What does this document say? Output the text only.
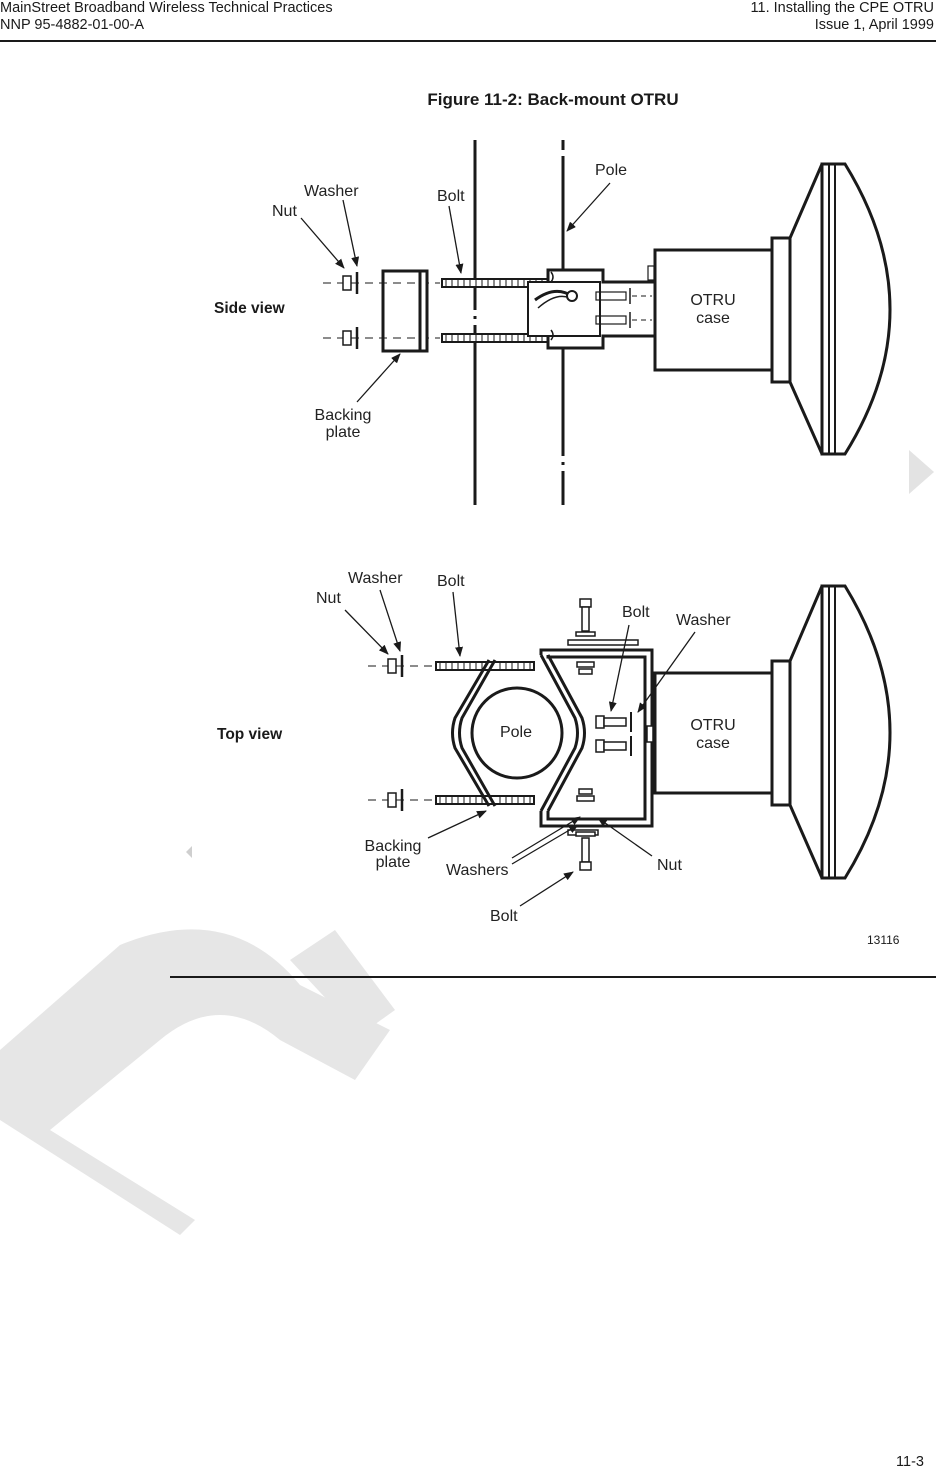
MainStreet Broadband Wireless Technical Practices
NNP 95-4882-01-00-A
11. Installing the CPE OTRU
Issue 1, April 1999
Figure 11-2: Back-mount OTRU
Washer
Nut
Bolt
Pole
Backing
plate
OTRU
case
Washer
Nut
Bolt
Bolt Washer
Pole	OTRU
case
Backing
plate Washers	Nut
Bolt
Side view
Top view
13116
11-3
